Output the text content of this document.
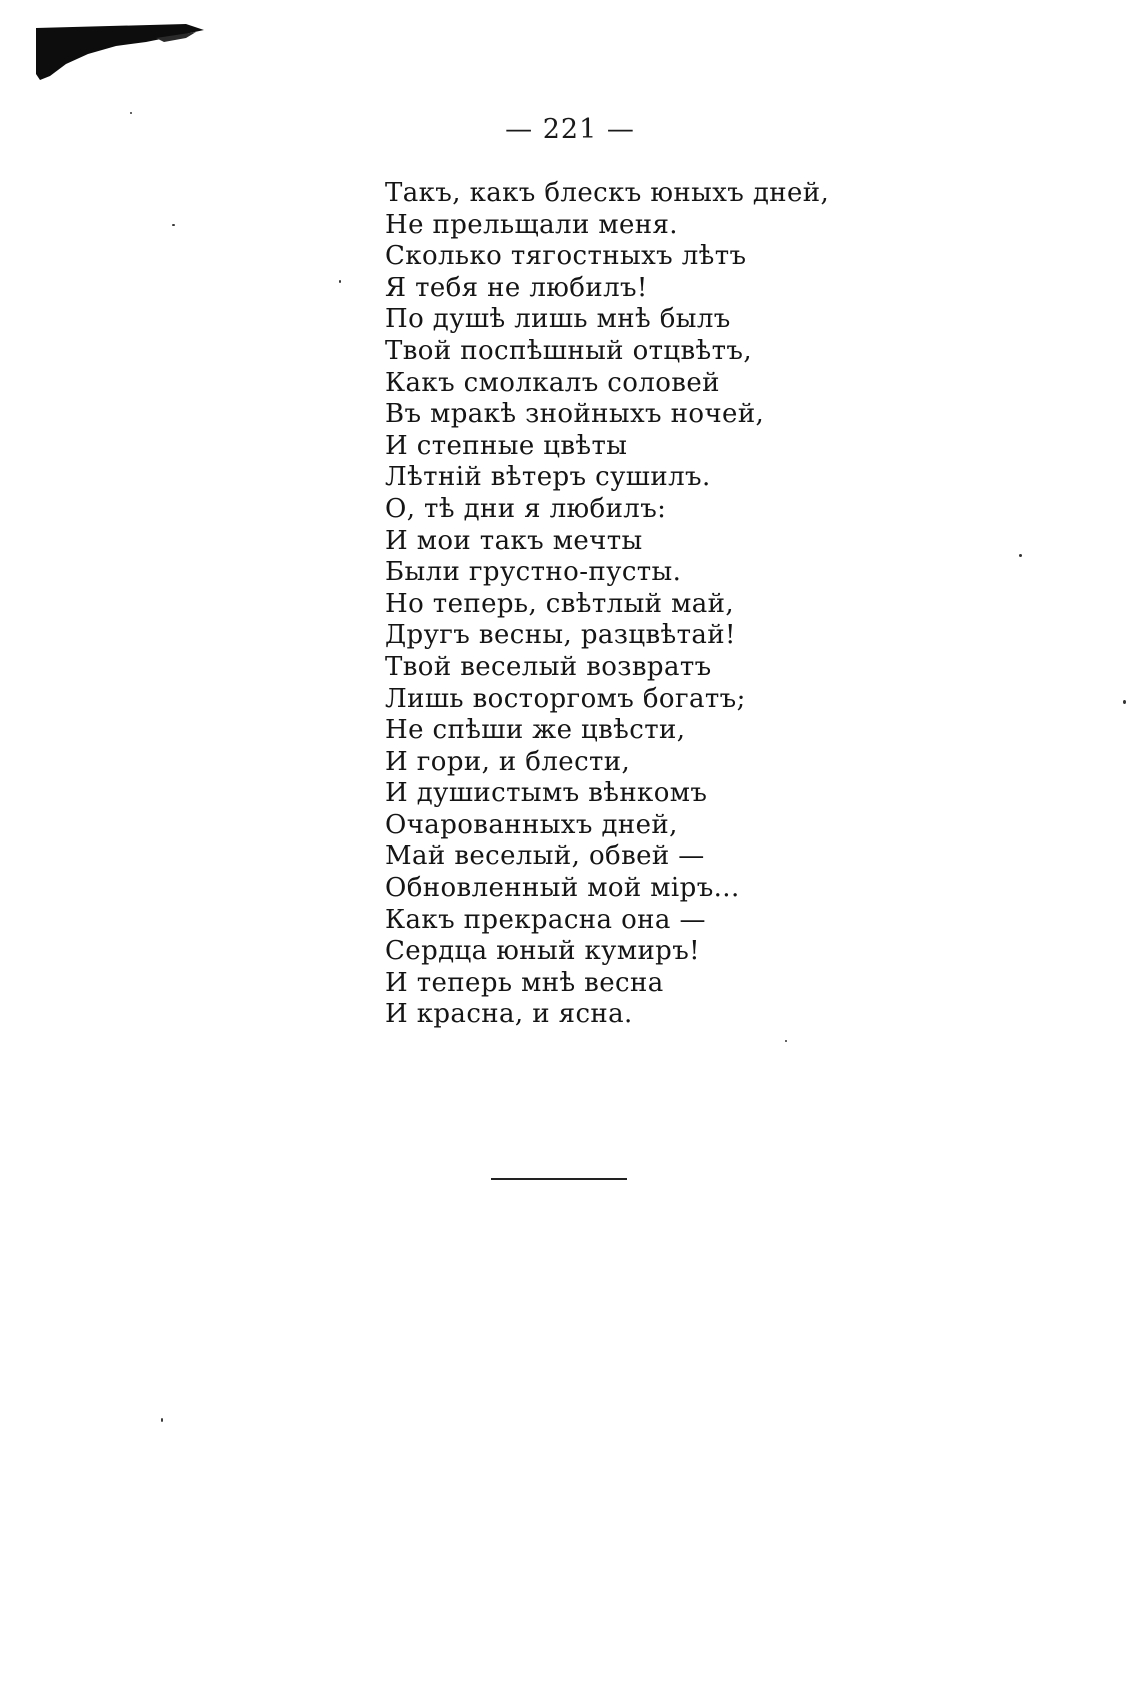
— 221 —
Такъ, какъ блескъ юныхъ дней,
Не прельщали меня.
Сколько тягостныхъ лѣтъ
Я тебя не любилъ!
По душѣ лишь мнѣ былъ
Твой поспѣшный отцвѣтъ,
Какъ смолкалъ соловей
Въ мракѣ знойныхъ ночей,
И степные цвѣты
Лѣтній вѣтеръ сушилъ.
О, тѣ дни я любилъ:
И мои такъ мечты
Были грустно-пусты.
Но теперь, свѣтлый май,
Другъ весны, разцвѣтай!
Твой веселый возвратъ
Лишь восторгомъ богатъ;
Не спѣши же цвѣсти,
И гори, и блести,
И душистымъ вѣнкомъ
Очарованныхъ дней,
Май веселый, обвей —
Обновленный мой міръ...
Какъ прекрасна она —
Сердца юный кумиръ!
И теперь мнѣ весна
И красна, и ясна.
